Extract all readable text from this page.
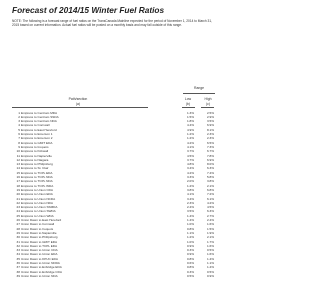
Forecast of 2014/15 Winter Fuel Ratios
NOTE: The following is a forecast range of fuel ratios on the TransCanada Mainline expected for the period of November 1, 2014 to March 31, 2015 based on current information. Actual fuel ratios will be posted on a monthly basis and may fall outside of this range.
Range
Path/section	Low	High
(a)	(b)	(c)
1 Empress to Centram MDA	1.3%	2.5%
2 Empress to Centram SSDA	1.5%	2.9%
3 Empress to Centram NDA	1.8%	3.5%
4 Empress to Cornwall	4.4%	6.9%
5 Empress to East Hereford	4.9%	8.1%
6 Empress to Emerson 1	1.2%	2.3%
7 Empress to Emerson 2	1.2%	2.3%
8 Empress to GMIT EDA	4.2%	6.5%
9 Empress to Iroquois	4.1%	7.3%
10 Empress to Kirkwall	3.7%	6.7%
11 Empress to Napierville	4.5%	7.8%
12 Empress to Niagara	3.7%	6.9%
13 Empress to Philipsburg	4.8%	8.0%
14 Empress to St. Clair	3.4%	6.3%
15 Empress to TCPL EDA	4.2%	7.4%
16 Empress to TCPL NDA	3.3%	5.8%
17 Empress to TCPL NDA	2.0%	3.8%
18 Empress to TCPL WDA	1.2%	2.1%
19 Empress to Union CDA	3.8%	6.8%
20 Empress to Union EDA	4.1%	7.2%
21 Empress to Union NCDA	3.4%	6.1%
22 Empress to Union NDA	2.3%	4.2%
23 Empress to Union SSMDA	2.4%	4.5%
24 Empress to Union SWDA	3.5%	6.3%
25 Empress to Union WDA	1.4%	2.7%
26 Union Dawn to East Hereford	1.4%	2.4%
27 Union Dawn to Cornwall	1.0%	1.6%
28 Union Dawn to Iroquois	0.8%	1.5%
29 Union Dawn to Napierville	1.1%	1.9%
30 Union Dawn to Philipsburg	1.2%	2.1%
31 Union Dawn to GMIT EDA	1.0%	1.7%
32 Union Dawn to TCPL EDA	0.9%	1.6%
33 Union Dawn to Union CDA	0.3%	0.5%
34 Union Dawn to Union EDA	0.9%	1.6%
35 Union Dawn to KPUC EDA	0.8%	1.4%
36 Union Dawn to Union NDDA	0.6%	1.1%
37 Union Dawn to Enbridge EDA	0.8%	1.4%
38 Union Dawn to Enbridge CDA	0.3%	0.5%
39 Union Dawn to Union NDA	0.5%	0.9%
